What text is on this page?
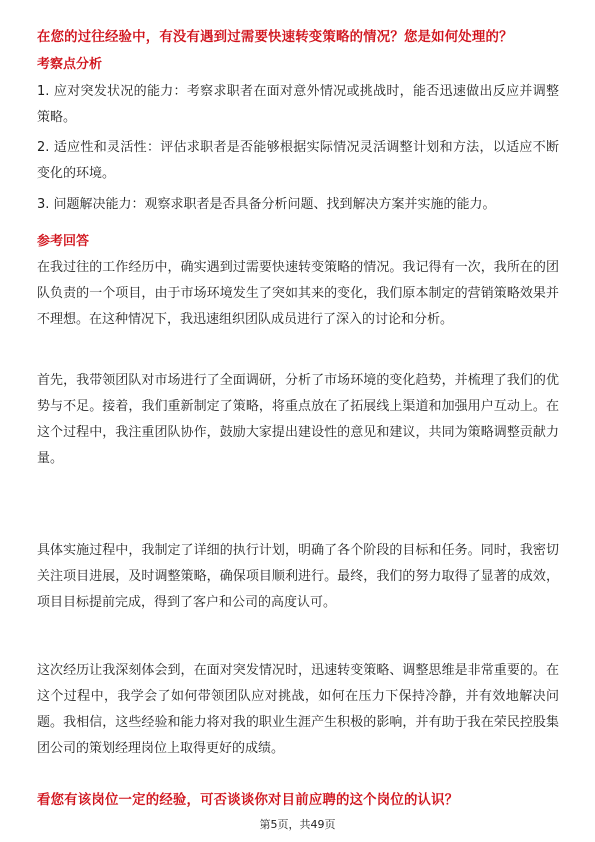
在您的过往经验中，有没有遇到过需要快速转变策略的情况？您是如何处理的？
考察点分析

1. 应对突发状况的能力：考察求职者在面对意外情况或挑战时，能否迅速做出反应并调整策略。

2. 适应性和灵活性：评估求职者是否能够根据实际情况灵活调整计划和方法，以适应不断变化的环境。

3. 问题解决能力：观察求职者是否具备分析问题、找到解决方案并实施的能力。

参考回答

在我过往的工作经历中，确实遇到过需要快速转变策略的情况。我记得有一次，我所在的团队负责的一个项目，由于市场环境发生了突如其来的变化，我们原本制定的营销策略效果并不理想。在这种情况下，我迅速组织团队成员进行了深入的讨论和分析。

首先，我带领团队对市场进行了全面调研，分析了市场环境的变化趋势，并梳理了我们的优势与不足。接着，我们重新制定了策略，将重点放在了拓展线上渠道和加强用户互动上。在这个过程中，我注重团队协作，鼓励大家提出建设性的意见和建议，共同为策略调整贡献力量。

具体实施过程中，我制定了详细的执行计划，明确了各个阶段的目标和任务。同时，我密切关注项目进展，及时调整策略，确保项目顺利进行。最终，我们的努力取得了显著的成效，项目目标提前完成，得到了客户和公司的高度认可。

这次经历让我深刻体会到，在面对突发情况时，迅速转变策略、调整思维是非常重要的。在这个过程中，我学会了如何带领团队应对挑战，如何在压力下保持冷静，并有效地解决问题。我相信，这些经验和能力将对我的职业生涯产生积极的影响，并有助于我在荣民控股集团公司的策划经理岗位上取得更好的成绩。

看您有该岗位一定的经验，可否谈谈你对目前应聘的这个岗位的认识？
第5页，共49页
